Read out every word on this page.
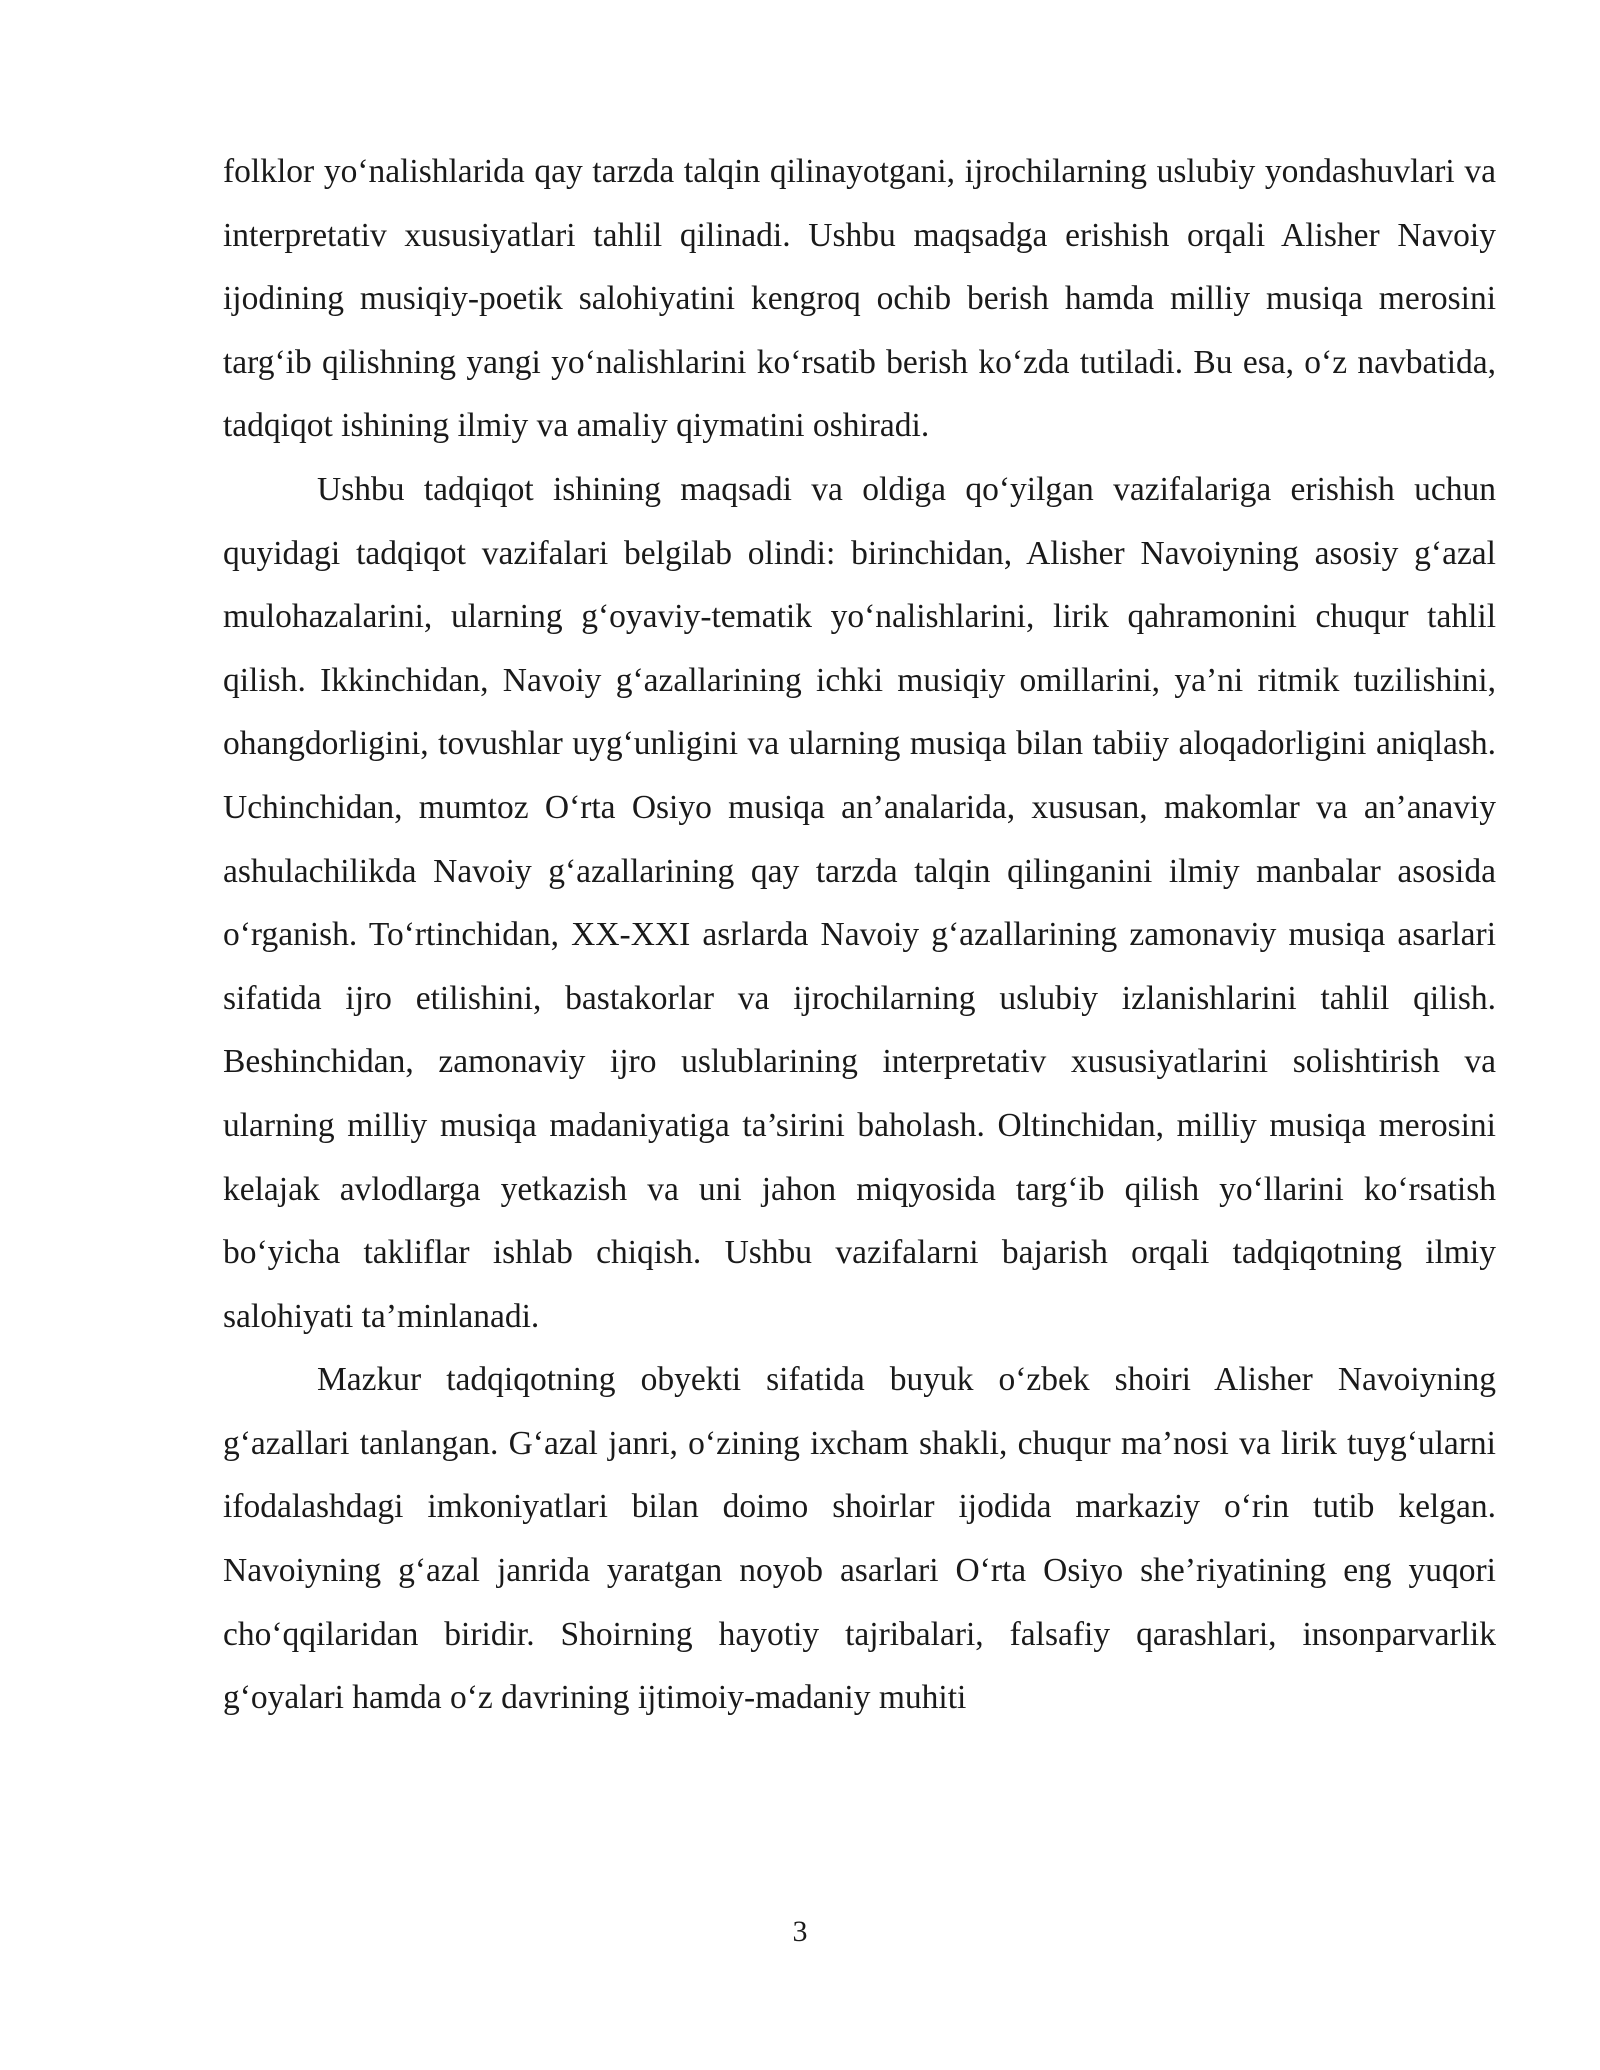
folklor yoʻnalishlarida qay tarzda talqin qilinayotgani, ijrochilarning uslubiy yondashuvlari va interpretativ xususiyatlari tahlil qilinadi. Ushbu maqsadga erishish orqali Alisher Navoiy ijodining musiqiy-poetik salohiyatini kengroq ochib berish hamda milliy musiqa merosini targʻib qilishning yangi yoʻnalishlarini koʻrsatib berish koʻzda tutiladi. Bu esa, oʻz navbatida, tadqiqot ishining ilmiy va amaliy qiymatini oshiradi.

Ushbu tadqiqot ishining maqsadi va oldiga qoʻyilgan vazifalariga erishish uchun quyidagi tadqiqot vazifalari belgilab olindi: birinchidan, Alisher Navoiyning asosiy gʻazal mulohazalarini, ularning gʻoyaviy-tematik yoʻnalishlarini, lirik qahramonini chuqur tahlil qilish. Ikkinchidan, Navoiy gʻazallarining ichki musiqiy omillarini, ya’ni ritmik tuzilishini, ohangdorligini, tovushlar uygʻunligini va ularning musiqa bilan tabiiy aloqadorligini aniqlash. Uchinchidan, mumtoz Oʻrta Osiyo musiqa an’analarida, xususan, makomlar va an’anaviy ashulachilikda Navoiy gʻazallarining qay tarzda talqin qilinganini ilmiy manbalar asosida oʻrganish. Toʻrtinchidan, XX-XXI asrlarda Navoiy gʻazallarining zamonaviy musiqa asarlari sifatida ijro etilishini, bastakorlar va ijrochilarning uslubiy izlanishlarini tahlil qilish. Beshinchidan, zamonaviy ijro uslublarining interpretativ xususiyatlarini solishtirish va ularning milliy musiqa madaniyatiga ta’sirini baholash. Oltinchidan, milliy musiqa merosini kelajak avlodlarga yetkazish va uni jahon miqyosida targʻib qilish yoʻllarini koʻrsatish boʻyicha takliflar ishlab chiqish. Ushbu vazifalarni bajarish orqali tadqiqotning ilmiy salohiyati ta’minlanadi.

Mazkur tadqiqotning obyekti sifatida buyuk oʻzbek shoiri Alisher Navoiyning gʻazallari tanlangan. Gʻazal janri, oʻzining ixcham shakli, chuqur ma’nosi va lirik tuygʻularni ifodalashdagi imkoniyatlari bilan doimo shoirlar ijodida markaziy oʻrin tutib kelgan. Navoiyning gʻazal janrida yaratgan noyob asarlari Oʻrta Osiyo she’riyatining eng yuqori choʻqqilaridan biridir. Shoirning hayotiy tajribalari, falsafiy qarashlari, insonparvarlik gʻoyalari hamda oʻz davrining ijtimoiy-madaniy muhiti

3
